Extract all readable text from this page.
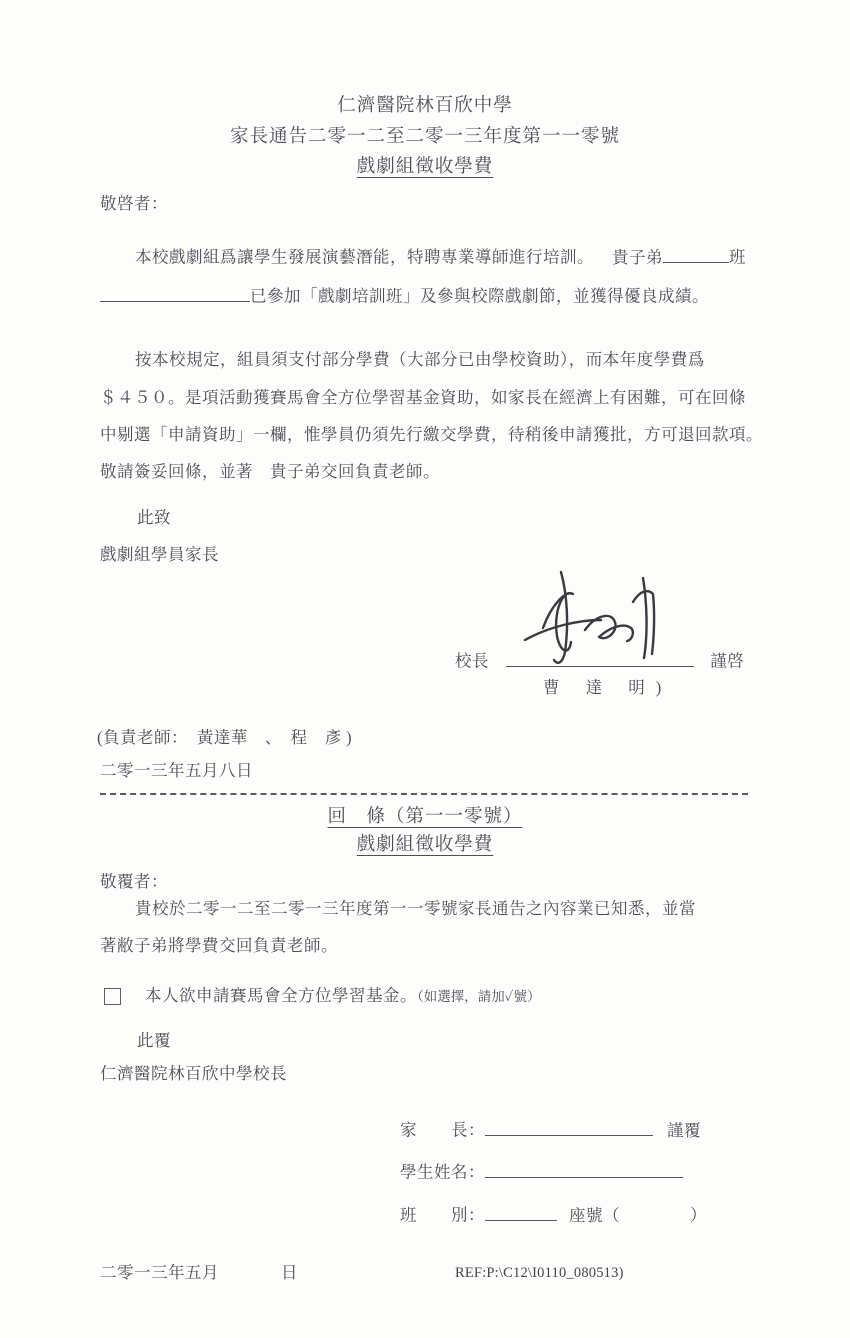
仁濟醫院林百欣中學
家長通告二零一二至二零一三年度第一一零號
戲劇組徵收學費
敬啓者：
本校戲劇組爲讓學生發展演藝潛能，特聘專業導師進行培訓。 貴子弟	班
已參加「戲劇培訓班」及參與校際戲劇節，並獲得優良成績。
按本校規定，組員須支付部分學費（大部分已由學校資助），而本年度學費爲
＄４５０。是項活動獲賽馬會全方位學習基金資助，如家長在經濟上有困難，可在回條
中剔選「申請資助」一欄，惟學員仍須先行繳交學費，待稍後申請獲批，方可退回款項。
敬請簽妥回條，並著　貴子弟交回負責老師。
此致
戲劇組學員家長
校長	謹啓
曹 達 明)
(負責老師：　黃達華　、　程　彥 )
二零一三年五月八日
回　條（第一一零號）
戲劇組徵收學費
敬覆者：
貴校於二零一二至二零一三年度第一一零號家長通告之內容業已知悉，並當
著敝子弟將學費交回負責老師。
本人欲申請賽馬會全方位學習基金。（如選擇，請加✓號）
此覆
仁濟醫院林百欣中學校長
家　　長：	謹覆
學生姓名：
班　　別：	座號（	）
二零一三年五月	日	REF:P:\C12\I0110_080513)
